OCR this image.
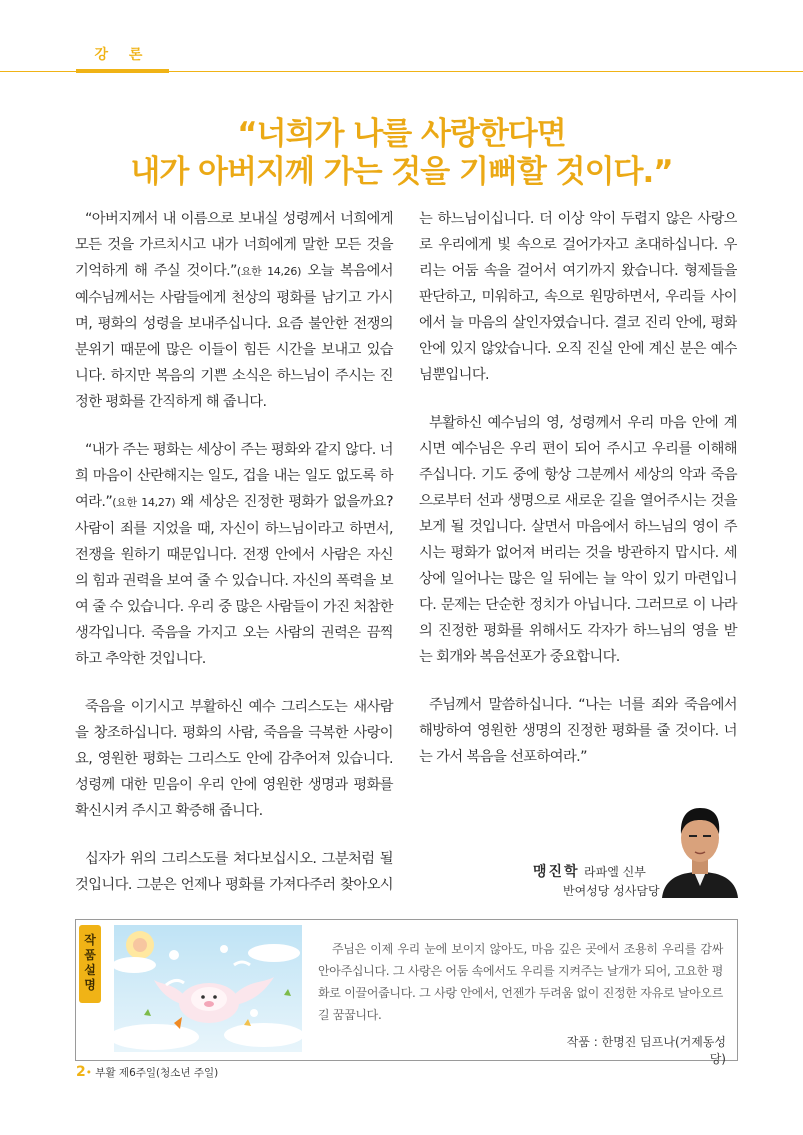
강 론
“너희가 나를 사랑한다면
내가 아버지께 가는 것을 기뻐할 것이다.”

“아버지께서 내 이름으로 보내실 성령께서 너희에게 모든 것을 가르치시고 내가 너희에게 말한 모든 것을 기억하게 해 주실 것이다.”(요한 14,26) 오늘 복음에서 예수님께서는 사람들에게 천상의 평화를 남기고 가시며, 평화의 성령을 보내주십니다. 요즘 불안한 전쟁의 분위기 때문에 많은 이들이 힘든 시간을 보내고 있습니다. 하지만 복음의 기쁜 소식은 하느님이 주시는 진정한 평화를 간직하게 해 줍니다.

“내가 주는 평화는 세상이 주는 평화와 같지 않다. 너희 마음이 산란해지는 일도, 겁을 내는 일도 없도록 하여라.”(요한 14,27) 왜 세상은 진정한 평화가 없을까요? 사람이 죄를 지었을 때, 자신이 하느님이라고 하면서, 전쟁을 원하기 때문입니다. 전쟁 안에서 사람은 자신의 힘과 권력을 보여 줄 수 있습니다. 자신의 폭력을 보여 줄 수 있습니다. 우리 중 많은 사람들이 가진 처참한 생각입니다. 죽음을 가지고 오는 사람의 권력은 끔찍하고 추악한 것입니다.

죽음을 이기시고 부활하신 예수 그리스도는 새사람을 창조하십니다. 평화의 사람, 죽음을 극복한 사랑이요, 영원한 평화는 그리스도 안에 감추어져 있습니다. 성령께 대한 믿음이 우리 안에 영원한 생명과 평화를 확신시켜 주시고 확증해 줍니다.

십자가 위의 그리스도를 쳐다보십시오. 그분처럼 될 것입니다. 그분은 언제나 평화를 가져다주러 찾아오시

는 하느님이십니다. 더 이상 악이 두렵지 않은 사랑으로 우리에게 빛 속으로 걸어가자고 초대하십니다. 우리는 어둠 속을 걸어서 여기까지 왔습니다. 형제들을 판단하고, 미워하고, 속으로 원망하면서, 우리들 사이에서 늘 마음의 살인자였습니다. 결코 진리 안에, 평화 안에 있지 않았습니다. 오직 진실 안에 계신 분은 예수님뿐입니다.

부활하신 예수님의 영, 성령께서 우리 마음 안에 계시면 예수님은 우리 편이 되어 주시고 우리를 이해해 주십니다. 기도 중에 항상 그분께서 세상의 악과 죽음으로부터 선과 생명으로 새로운 길을 열어주시는 것을 보게 될 것입니다. 살면서 마음에서 하느님의 영이 주시는 평화가 없어져 버리는 것을 방관하지 맙시다. 세상에 일어나는 많은 일 뒤에는 늘 악이 있기 마련입니다. 문제는 단순한 정치가 아닙니다. 그러므로 이 나라의 진정한 평화를 위해서도 각자가 하느님의 영을 받는 회개와 복음선포가 중요합니다.

주님께서 말씀하십니다. “나는 너를 죄와 죽음에서 해방하여 영원한 생명의 진정한 평화를 줄 것이다. 너는 가서 복음을 선포하여라.”

맹진학 라파엘 신부
반여성당 성사담당
작품
설명
주님은 이제 우리 눈에 보이지 않아도, 마음 깊은 곳에서 조용히 우리를 감싸 안아주십니다. 그 사랑은 어둠 속에서도 우리를 지켜주는 날개가 되어, 고요한 평화로 이끌어줍니다. 그 사랑 안에서, 언젠가 두려움 없이 진정한 자유로 날아오르길 꿈꿉니다.
작품 : 한명진 딤프나(거제동성당)
2• 부활 제6주일(청소년 주일)
